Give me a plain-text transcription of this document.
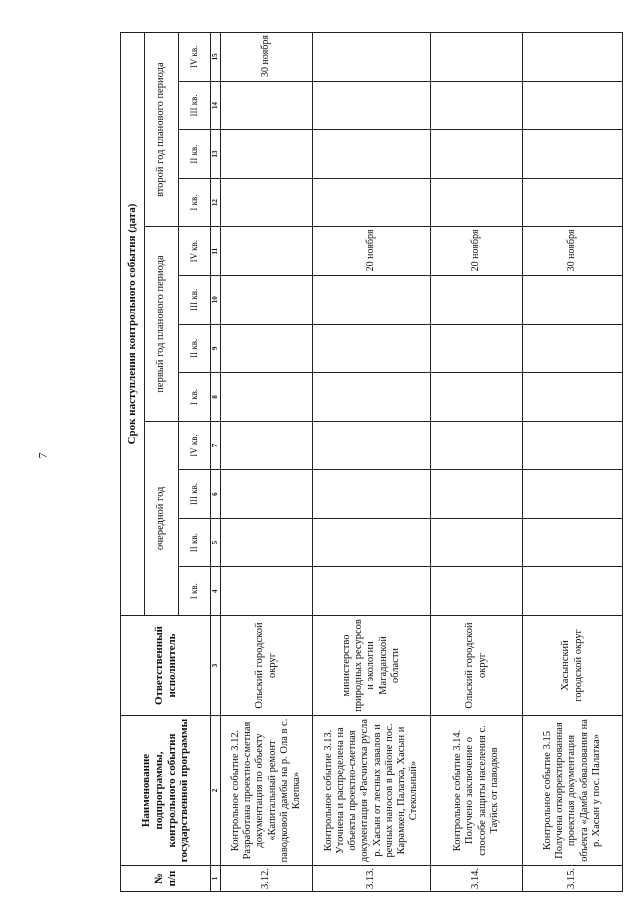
7
№ п/п	Наименование подпрограммы, контрольного события государственной программы	Ответственный исполнитель	Срок наступления контрольного события (дата)											
			очередной год				первый год планового периода				второй год планового периода			
			I кв.	II кв.	III кв.	IV кв.	I кв.	II кв.	III кв.	IV кв.	I кв.	II кв.	III кв.	IV кв.
1	2	3	4	5	6	7	8	9	10	11	12	13	14	15
3.12.	Контрольное событие 3.12. Разработана проектно-сметная документация по объекту «Капитальный ремонт паводковой дамбы на р. Ола в с. Клепка»	Ольский городской округ												30 ноября
3.13.	Контрольное событие 3.13. Уточнена и распределена на объекты проектно-сметная документация «Расчистка русла р. Хасын от лесных завалов и речных наносов в районе пос. Карамкен, Палатка, Хасын и Стекольный»	министерство природных ресурсов и экологии Магаданской области								20 ноября				
3.14.	Контрольное событие 3.14. Получено заключение о способе защиты населения с. Тауйск от паводков	Ольский городской округ								20 ноября				
3.15.	Контрольное событие 3.15 Получена откорректированная проектная документация объекта «Дамба обвалования на р. Хасын у пос. Палатка»	Хасынский городской округ								30 ноября				
